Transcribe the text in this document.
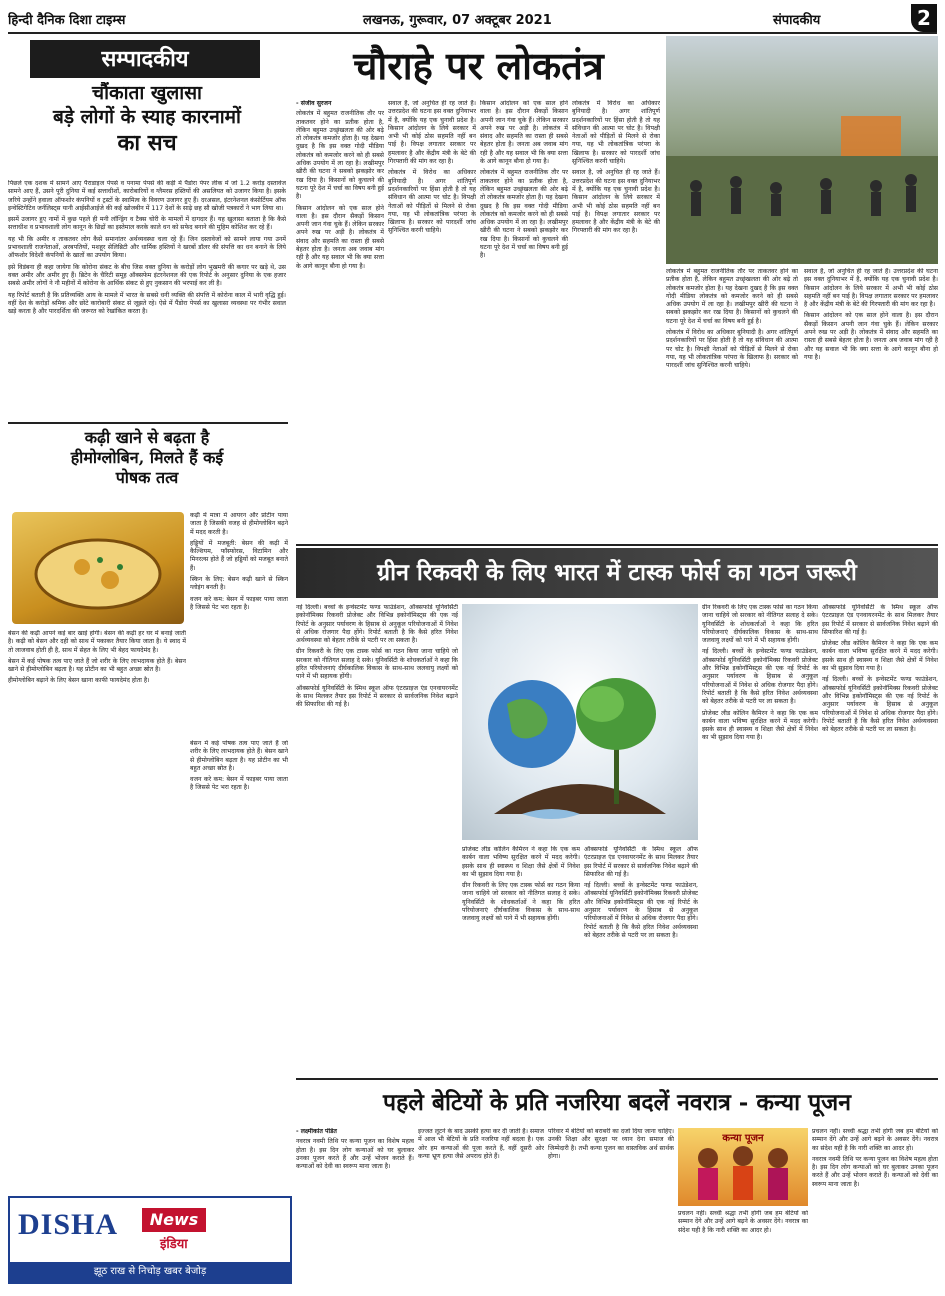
हिन्दी दैनिक दिशा टाइम्स	लखनऊ, गुरूवार, 07 अक्टूबर 2021	संपादकीय	2
सम्पादकीय
चौंकाता खुलासा
बड़े लोगों के स्याह कारनामों
का सच

पिछले एक दशक में सामने आए पैराडाइज पेपर्स व पनामा पेपर्स की कड़ी में पैंडोरा पेपर लीक में जो 1.2 करोड़ दस्तावेज सामने आए हैं, उसने पूरी दुनिया में कई सत्ताधीशों, कारोबारियों व ग्लैमरस हस्तियों की असलियत को उजागर किया है। इसके जरिये उन्होंने हवाला ऑफशोर कंपनियों व ट्रस्टों के स्वामित्व के विवरण उजागर हुए हैं। दरअसल, इंटरनेशनल कंसोर्टियम ऑफ इन्वेस्टिगेटिव जर्नलिस्ट्स यानी आईसीआईजे की कई खोजबीन में 117 देशों के साढ़े छह सौ खोजी पत्रकारों ने भाग लिया था।

इसमें उजागर हुए नामों में कुछ पहले ही मनी लॉन्ड्रिंग व टैक्स चोरी के मामलों में दागदार हैं। यह खुलासा बताता है कि कैसे सत्ताधीश व प्रभावशाली लोग कानून के छिद्रों का इस्तेमाल करके काले धन को सफेद बनाने की मुहिम कोशिश कर रहे हैं।

यह भी कि अमीर व ताकतवर लोग कैसे समानांतर अर्थव्यवस्था चला रहे हैं। जिन दस्तावेजों को सामने लाया गया उनमें प्रभावशाली राजनेताओं, अरबपतियों, मशहूर सेलिब्रिटी और धार्मिक हस्तियों ने खरबों डॉलर की संपत्ति का धन बनाने के लिये ऑफशोर विदेशी कंपनियों के खातों का उपयोग किया।

इसे विडंबना ही कहा जायेगा कि कोरोना संकट के बीच जिस वक्त दुनिया के करोड़ों लोग भुखमरी की कगार पर खड़े थे, उस वक्त अमीर और अमीर हुए हैं। ब्रिटेन के चैरिटी समूह ऑक्सफेम इंटरनेशनल की एक रिपोर्ट के अनुसार दुनिया के एक हजार सबसे अमीर लोगों ने नौ महीनों में कोरोना के आर्थिक संकट से हुए नुकसान की भरपाई कर ली है।

यह रिपोर्ट बताती है कि प्रतिव्यक्ति आय के मामले में भारत के सबसे धनी व्यक्ति की संपत्ति में कोरोना काल में भारी वृद्धि हुई। वहीं देश के करोड़ों श्रमिक और छोटे कारोबारी संकट से जूझते रहे। ऐसे में पैंडोरा पेपर्स का खुलासा व्यवस्था पर गंभीर सवाल खड़े करता है और पारदर्शिता की जरूरत को रेखांकित करता है।

कढ़ी खाने से बढ़ता है
हीमोग्लोबिन, मिलते हैं कई
पोषक तत्व

कढ़ी में मात्रा में आयरन और प्रोटीन पाया जाता है जिसकी वजह से हीमोग्लोबिन बढ़ने में मदद करती है।

हड्डियों में मजबूती: बेसन की कढ़ी में कैल्शियम, फॉस्फोरस, विटामिन और मिनरल्स होते हैं जो हड्डियों को मजबूत बनाते हैं।

स्किन के लिए: बेसन कढ़ी खाने से स्किन ग्लोइंग बनती है।

वजन करे कम: बेसन में फाइबर पाया जाता है जिससे पेट भरा रहता है।

बेसन की कढ़ी आपने कई बार खाई होगी। बेसन की कढ़ी हर घर में बनाई जाती है। कढ़ी को बेसन और दही को साथ में पकाकर तैयार किया जाता है। ये स्वाद में तो लाजवाब होती ही है, साथ में सेहत के लिए भी बेहद फायदेमंद है।

बेसन में कई पोषक तत्व पाए जाते हैं जो शरीर के लिए लाभदायक होते हैं। बेसन खाने से हीमोग्लोबिन बढ़ता है। यह प्रोटीन का भी बहुत अच्छा स्रोत है।

हीमोग्लोबिन बढ़ाने के लिए बेसन खाना काफी फायदेमंद होता है।

बेसन में कई पोषक तत्व पाए जाते हैं जो शरीर के लिए लाभदायक होते हैं। बेसन खाने से हीमोग्लोबिन बढ़ता है। यह प्रोटीन का भी बहुत अच्छा स्रोत है।

वजन करे कम: बेसन में फाइबर पाया जाता है जिससे पेट भरा रहता है।

DISHA	News
इंडिया
झूठ राख से निचोड़ खबर बेजोड़
चौराहे पर लोकतंत्र
- संजीव सुरजन

लोकतंत्र में बहुमत राजनीतिक तौर पर ताकतवर होने का प्रतीक होता है, लेकिन बहुमत उच्छृंखलता की ओर बढ़े तो लोकतंत्र कमजोर होता है। यह देखना दुखद है कि इस वक्त गोदी मीडिया लोकतंत्र को कमजोर करने को ही सबसे अधिक उपयोग में ला रहा है। लखीमपुर खीरी की घटना ने सबको झकझोर कर रख दिया है। किसानों को कुचलने की घटना पूरे देश में चर्चा का विषय बनी हुई है।

किसान आंदोलन को एक साल होने वाला है। इस दौरान सैकड़ों किसान अपनी जान गंवा चुके हैं। लेकिन सरकार अपने रुख पर अड़ी है। लोकतंत्र में संवाद और सहमति का रास्ता ही सबसे बेहतर होता है। जनता अब जवाब मांग रही है और यह सवाल भी कि क्या सत्ता के आगे कानून बौना हो गया है।

सवाल है, जो अनुचित ही रह जाते हैं। उत्तरप्रदेश की घटना इस वक्त दुनियाभर में है, क्योंकि यह एक चुनावी प्रदेश है। किसान आंदोलन के लिये सरकार में अभी भी कोई ठोस सहमति नहीं बन पाई है। विपक्ष लगातार सरकार पर हमलावर है और केंद्रीय मंत्री के बेटे की गिरफ्तारी की मांग कर रहा है।

लोकतंत्र में विरोध का अधिकार बुनियादी है। अगर शांतिपूर्ण प्रदर्शनकारियों पर हिंसा होती है तो यह संविधान की आत्मा पर चोट है। विपक्षी नेताओं को पीड़ितों से मिलने से रोका गया, यह भी लोकतांत्रिक परंपरा के खिलाफ है। सरकार को पारदर्शी जांच सुनिश्चित करनी चाहिये।

किसान आंदोलन को एक साल होने वाला है। इस दौरान सैकड़ों किसान अपनी जान गंवा चुके हैं। लेकिन सरकार अपने रुख पर अड़ी है। लोकतंत्र में संवाद और सहमति का रास्ता ही सबसे बेहतर होता है। जनता अब जवाब मांग रही है और यह सवाल भी कि क्या सत्ता के आगे कानून बौना हो गया है।

लोकतंत्र में बहुमत राजनीतिक तौर पर ताकतवर होने का प्रतीक होता है, लेकिन बहुमत उच्छृंखलता की ओर बढ़े तो लोकतंत्र कमजोर होता है। यह देखना दुखद है कि इस वक्त गोदी मीडिया लोकतंत्र को कमजोर करने को ही सबसे अधिक उपयोग में ला रहा है। लखीमपुर खीरी की घटना ने सबको झकझोर कर रख दिया है। किसानों को कुचलने की घटना पूरे देश में चर्चा का विषय बनी हुई है।

लोकतंत्र में विरोध का अधिकार बुनियादी है। अगर शांतिपूर्ण प्रदर्शनकारियों पर हिंसा होती है तो यह संविधान की आत्मा पर चोट है। विपक्षी नेताओं को पीड़ितों से मिलने से रोका गया, यह भी लोकतांत्रिक परंपरा के खिलाफ है। सरकार को पारदर्शी जांच सुनिश्चित करनी चाहिये।

सवाल है, जो अनुचित ही रह जाते हैं। उत्तरप्रदेश की घटना इस वक्त दुनियाभर में है, क्योंकि यह एक चुनावी प्रदेश है। किसान आंदोलन के लिये सरकार में अभी भी कोई ठोस सहमति नहीं बन पाई है। विपक्ष लगातार सरकार पर हमलावर है और केंद्रीय मंत्री के बेटे की गिरफ्तारी की मांग कर रहा है।

लोकतंत्र में बहुमत राजनीतिक तौर पर ताकतवर होने का प्रतीक होता है, लेकिन बहुमत उच्छृंखलता की ओर बढ़े तो लोकतंत्र कमजोर होता है। यह देखना दुखद है कि इस वक्त गोदी मीडिया लोकतंत्र को कमजोर करने को ही सबसे अधिक उपयोग में ला रहा है। लखीमपुर खीरी की घटना ने सबको झकझोर कर रख दिया है। किसानों को कुचलने की घटना पूरे देश में चर्चा का विषय बनी हुई है।

लोकतंत्र में विरोध का अधिकार बुनियादी है। अगर शांतिपूर्ण प्रदर्शनकारियों पर हिंसा होती है तो यह संविधान की आत्मा पर चोट है। विपक्षी नेताओं को पीड़ितों से मिलने से रोका गया, यह भी लोकतांत्रिक परंपरा के खिलाफ है। सरकार को पारदर्शी जांच सुनिश्चित करनी चाहिये।

सवाल है, जो अनुचित ही रह जाते हैं। उत्तरप्रदेश की घटना इस वक्त दुनियाभर में है, क्योंकि यह एक चुनावी प्रदेश है। किसान आंदोलन के लिये सरकार में अभी भी कोई ठोस सहमति नहीं बन पाई है। विपक्ष लगातार सरकार पर हमलावर है और केंद्रीय मंत्री के बेटे की गिरफ्तारी की मांग कर रहा है।

किसान आंदोलन को एक साल होने वाला है। इस दौरान सैकड़ों किसान अपनी जान गंवा चुके हैं। लेकिन सरकार अपने रुख पर अड़ी है। लोकतंत्र में संवाद और सहमति का रास्ता ही सबसे बेहतर होता है। जनता अब जवाब मांग रही है और यह सवाल भी कि क्या सत्ता के आगे कानून बौना हो गया है।

ग्रीन रिकवरी के लिए भारत में टास्क फोर्स का गठन जरूरी

नई दिल्ली। बच्चों के इन्वेस्टमेंट फण्ड फाउंडेशन, ऑक्सफोर्ड यूनिवर्सिटी इकोनॉमिक्स रिकवरी प्रोजेक्ट और विभिन्न इकोनॉमिस्ट्स की एक नई रिपोर्ट के अनुसार पर्यावरण के हिसाब से अनुकूल परियोजनाओं में निवेश से अधिक रोजगार पैदा होंगे। रिपोर्ट बताती है कि कैसे हरित निवेश अर्थव्यवस्था को बेहतर तरीके से पटरी पर ला सकता है।

ग्रीन रिकवरी के लिए एक टास्क फोर्स का गठन किया जाना चाहिये जो सरकार को नीतिगत सलाह दे सके। यूनिवर्सिटी के शोधकर्ताओं ने कहा कि हरित परियोजनाएं दीर्घकालिक विकास के साथ-साथ जलवायु लक्ष्यों को पाने में भी सहायक होंगी।

ऑक्सफोर्ड यूनिवर्सिटी के स्मिथ स्कूल ऑफ एंटरप्राइज एंड एनवायरनमेंट के साथ मिलकर तैयार इस रिपोर्ट में सरकार से सार्वजनिक निवेश बढ़ाने की सिफारिश की गई है।

प्रोजेक्ट लीड कोलिन कैमिरन ने कहा कि एक कम कार्बन वाला भविष्य सुरक्षित करने में मदद करेगी। इसके साथ ही स्वास्थ्य व शिक्षा जैसे क्षेत्रों में निवेश का भी सुझाव दिया गया है।

ग्रीन रिकवरी के लिए एक टास्क फोर्स का गठन किया जाना चाहिये जो सरकार को नीतिगत सलाह दे सके। यूनिवर्सिटी के शोधकर्ताओं ने कहा कि हरित परियोजनाएं दीर्घकालिक विकास के साथ-साथ जलवायु लक्ष्यों को पाने में भी सहायक होंगी।

ऑक्सफोर्ड यूनिवर्सिटी के स्मिथ स्कूल ऑफ एंटरप्राइज एंड एनवायरनमेंट के साथ मिलकर तैयार इस रिपोर्ट में सरकार से सार्वजनिक निवेश बढ़ाने की सिफारिश की गई है।

नई दिल्ली। बच्चों के इन्वेस्टमेंट फण्ड फाउंडेशन, ऑक्सफोर्ड यूनिवर्सिटी इकोनॉमिक्स रिकवरी प्रोजेक्ट और विभिन्न इकोनॉमिस्ट्स की एक नई रिपोर्ट के अनुसार पर्यावरण के हिसाब से अनुकूल परियोजनाओं में निवेश से अधिक रोजगार पैदा होंगे। रिपोर्ट बताती है कि कैसे हरित निवेश अर्थव्यवस्था को बेहतर तरीके से पटरी पर ला सकता है।

ग्रीन रिकवरी के लिए एक टास्क फोर्स का गठन किया जाना चाहिये जो सरकार को नीतिगत सलाह दे सके। यूनिवर्सिटी के शोधकर्ताओं ने कहा कि हरित परियोजनाएं दीर्घकालिक विकास के साथ-साथ जलवायु लक्ष्यों को पाने में भी सहायक होंगी।

नई दिल्ली। बच्चों के इन्वेस्टमेंट फण्ड फाउंडेशन, ऑक्सफोर्ड यूनिवर्सिटी इकोनॉमिक्स रिकवरी प्रोजेक्ट और विभिन्न इकोनॉमिस्ट्स की एक नई रिपोर्ट के अनुसार पर्यावरण के हिसाब से अनुकूल परियोजनाओं में निवेश से अधिक रोजगार पैदा होंगे। रिपोर्ट बताती है कि कैसे हरित निवेश अर्थव्यवस्था को बेहतर तरीके से पटरी पर ला सकता है।

प्रोजेक्ट लीड कोलिन कैमिरन ने कहा कि एक कम कार्बन वाला भविष्य सुरक्षित करने में मदद करेगी। इसके साथ ही स्वास्थ्य व शिक्षा जैसे क्षेत्रों में निवेश का भी सुझाव दिया गया है।

ऑक्सफोर्ड यूनिवर्सिटी के स्मिथ स्कूल ऑफ एंटरप्राइज एंड एनवायरनमेंट के साथ मिलकर तैयार इस रिपोर्ट में सरकार से सार्वजनिक निवेश बढ़ाने की सिफारिश की गई है।

प्रोजेक्ट लीड कोलिन कैमिरन ने कहा कि एक कम कार्बन वाला भविष्य सुरक्षित करने में मदद करेगी। इसके साथ ही स्वास्थ्य व शिक्षा जैसे क्षेत्रों में निवेश का भी सुझाव दिया गया है।

नई दिल्ली। बच्चों के इन्वेस्टमेंट फण्ड फाउंडेशन, ऑक्सफोर्ड यूनिवर्सिटी इकोनॉमिक्स रिकवरी प्रोजेक्ट और विभिन्न इकोनॉमिस्ट्स की एक नई रिपोर्ट के अनुसार पर्यावरण के हिसाब से अनुकूल परियोजनाओं में निवेश से अधिक रोजगार पैदा होंगे। रिपोर्ट बताती है कि कैसे हरित निवेश अर्थव्यवस्था को बेहतर तरीके से पटरी पर ला सकता है।

पहले बेटियों के प्रति नजरिया बदलें नवरात्र - कन्या पूजन
- लक्ष्मीकांत पंडित

नवरात्र नवमी तिथि पर कन्या पूजन का विशेष महत्व होता है। इस दिन लोग कन्याओं को घर बुलाकर उनका पूजन करते हैं और उन्हें भोजन कराते हैं। कन्याओं को देवी का स्वरूप माना जाता है।

इज्जत लूटने के बाद उसकी हत्या कर दी जाती है। समाज में आज भी बेटियों के प्रति नजरिया नहीं बदला है। एक ओर हम कन्याओं की पूजा करते हैं, वहीं दूसरी ओर कन्या भ्रूण हत्या जैसे अपराध होते हैं।

परिवार में बेटियों को बराबरी का दर्जा दिया जाना चाहिए। उनकी शिक्षा और सुरक्षा पर ध्यान देना समाज की जिम्मेदारी है। तभी कन्या पूजन का वास्तविक अर्थ सार्थक होगा।

कन्या पूजन

प्रचलन नहीं। सच्ची श्रद्धा तभी होगी जब हम बेटियों को सम्मान देंगे और उन्हें आगे बढ़ने के अवसर देंगे। नवरात्र का संदेश यही है कि नारी शक्ति का आदर हो।

प्रचलन नहीं। सच्ची श्रद्धा तभी होगी जब हम बेटियों को सम्मान देंगे और उन्हें आगे बढ़ने के अवसर देंगे। नवरात्र का संदेश यही है कि नारी शक्ति का आदर हो।

नवरात्र नवमी तिथि पर कन्या पूजन का विशेष महत्व होता है। इस दिन लोग कन्याओं को घर बुलाकर उनका पूजन करते हैं और उन्हें भोजन कराते हैं। कन्याओं को देवी का स्वरूप माना जाता है।
